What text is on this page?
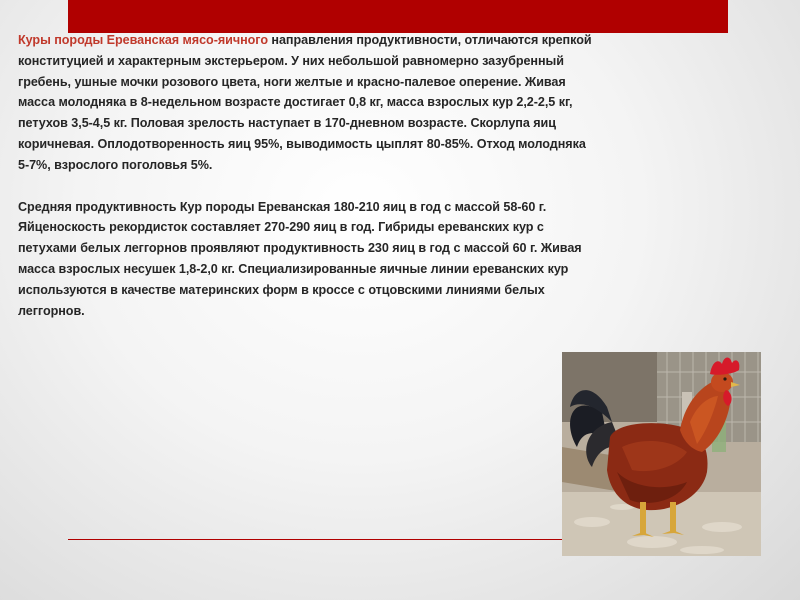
Куры породы Ереванская мясо-яичного направления продуктивности, отличаются крепкой конституцией и характерным экстерьером. У них небольшой равномерно зазубренный гребень, ушные мочки розового цвета, ноги желтые и красно-палевое оперение. Живая масса молодняка в 8-недельном возрасте достигает 0,8 кг, масса взрослых кур 2,2-2,5 кг, петухов 3,5-4,5 кг. Половая зрелость наступает в 170-дневном возрасте. Скорлупа яиц коричневая. Оплодотворенность яиц 95%, выводимость цыплят 80-85%. Отход молодняка 5-7%, взрослого поголовья 5%.

Средняя продуктивность Кур породы Ереванская 180-210 яиц в год с массой 58-60 г. Яйценоскость рекордисток составляет 270-290 яиц в год. Гибриды ереванских кур с петухами белых леггорнов проявляют продуктивность 230 яиц в год с массой 60 г. Живая масса взрослых несушек 1,8-2,0 кг. Специализированные яичные линии ереванских кур используются в качестве материнских форм в кроссе с отцовскими линиями белых леггорнов.
